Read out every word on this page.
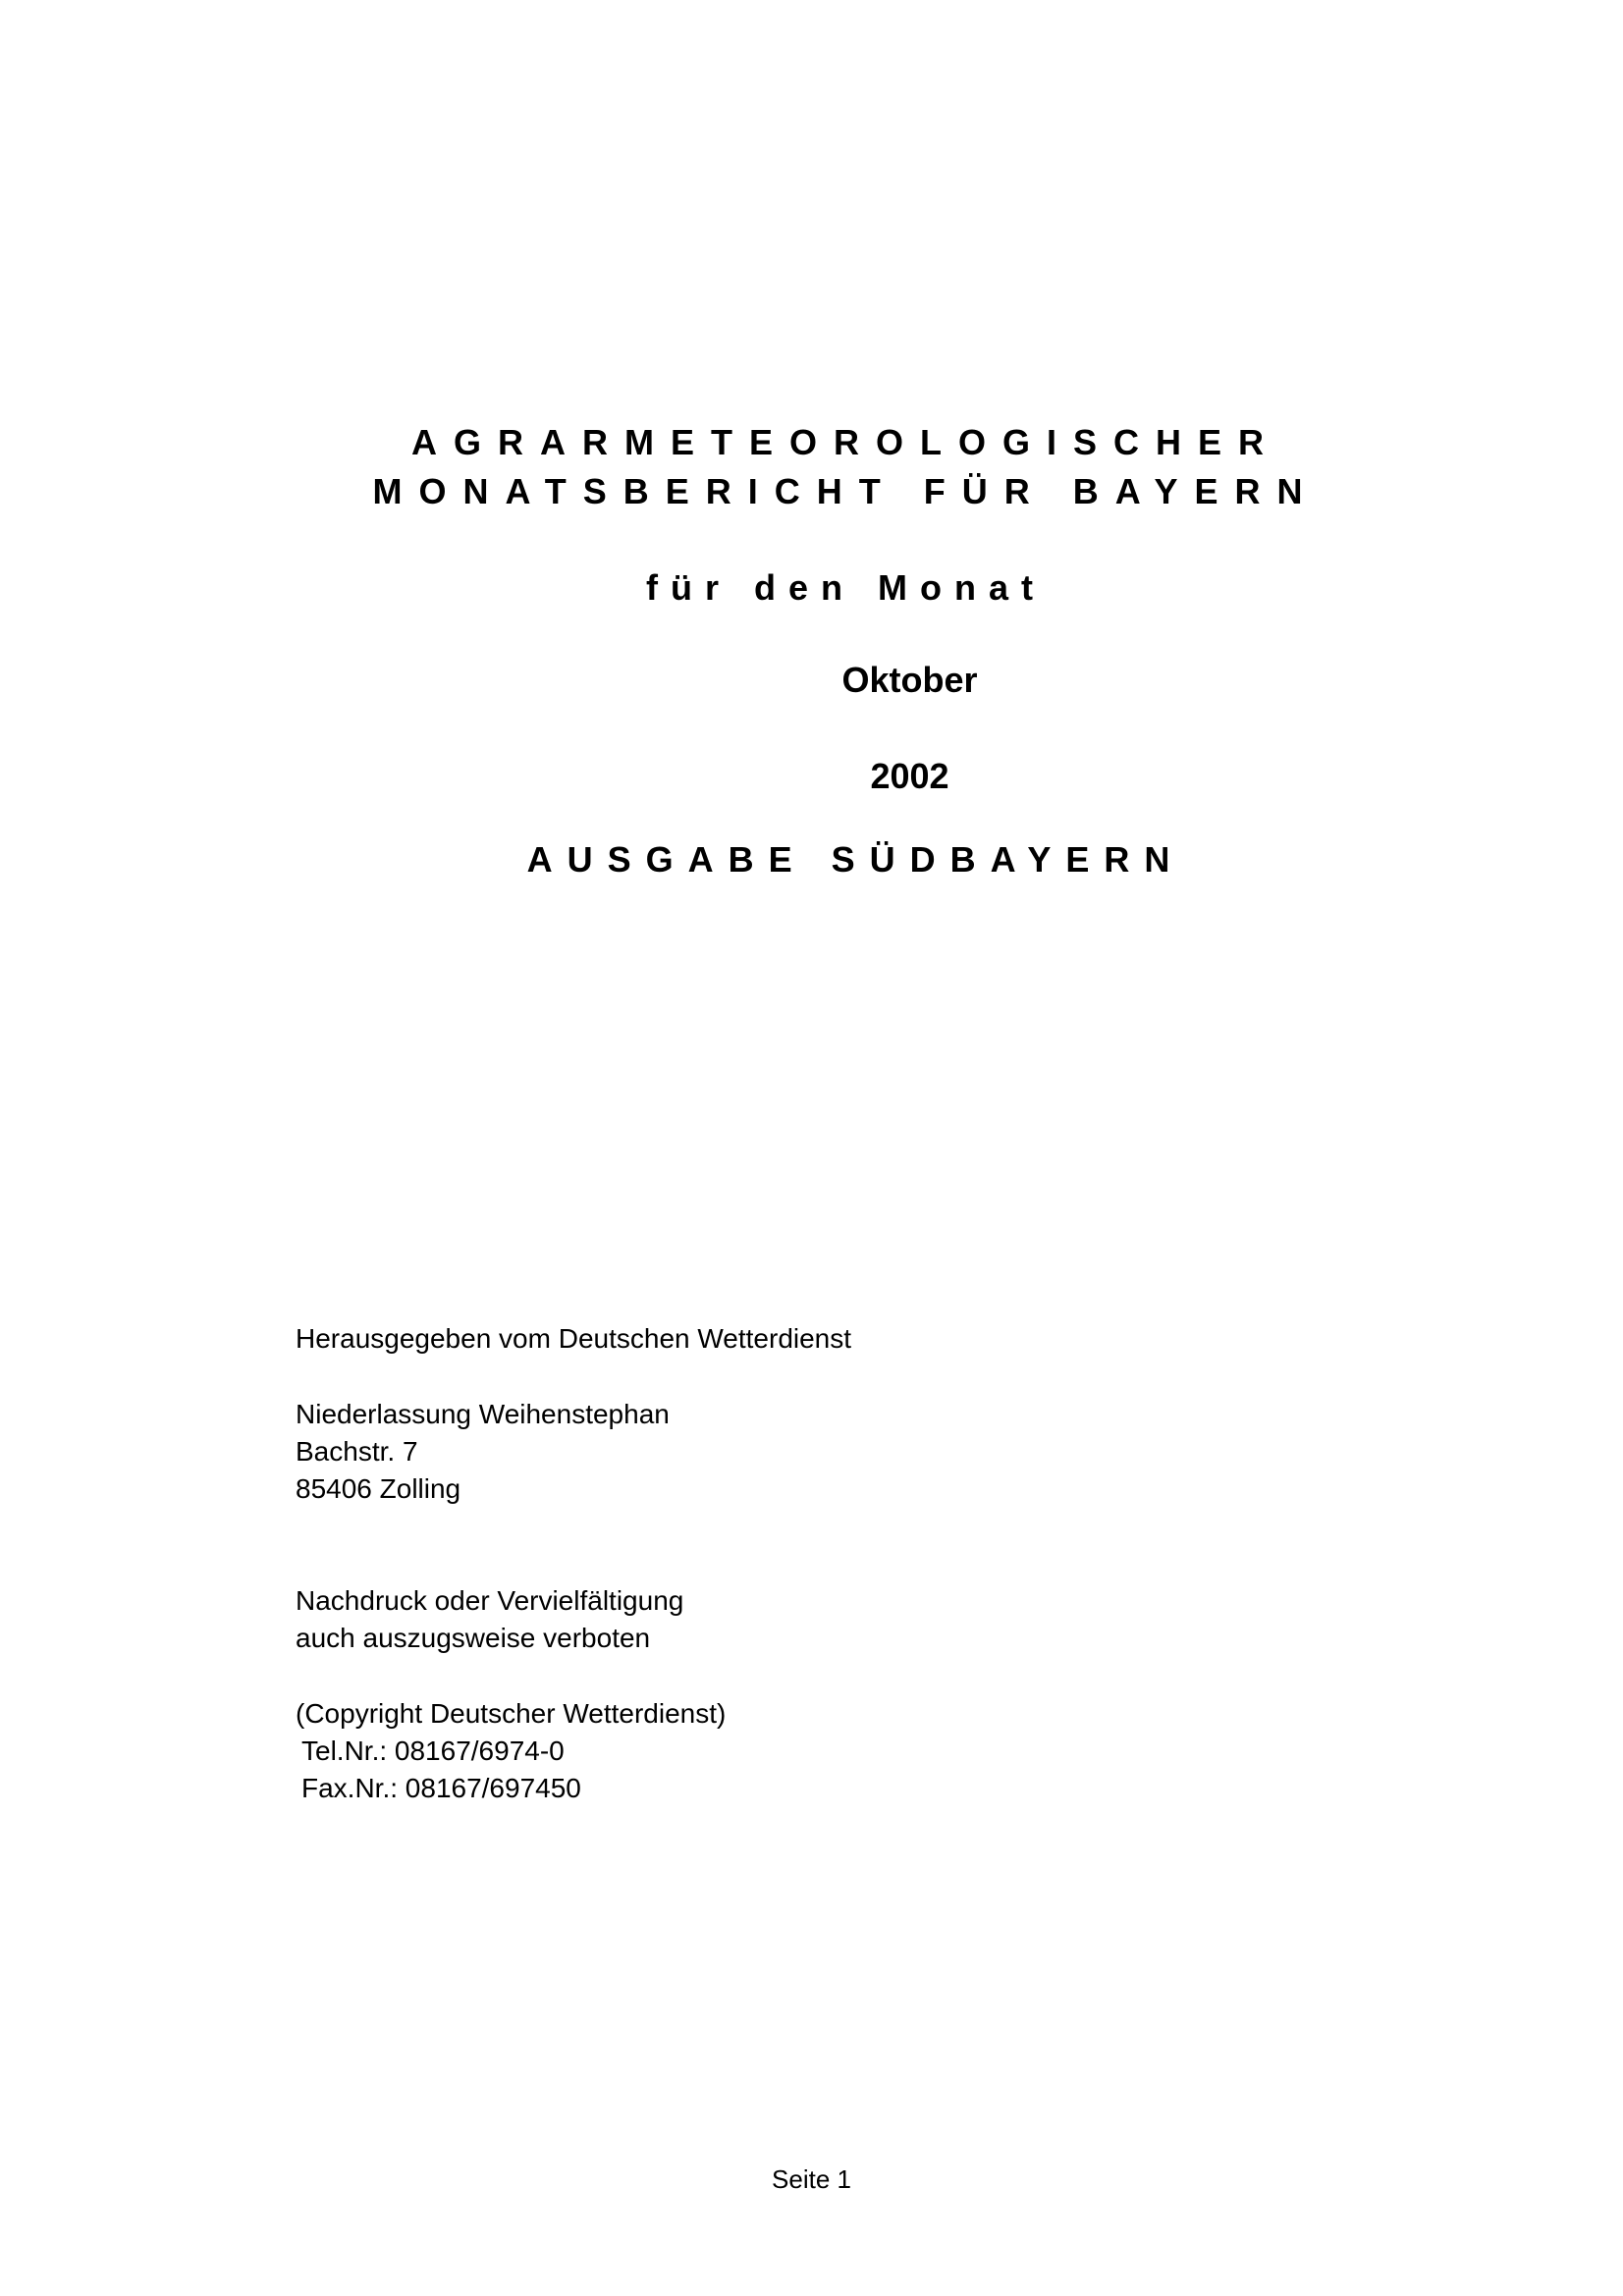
AGRARMETEOROLOGISCHER
MONATSBERICHT FÜR BAYERN
für den Monat
Oktober
2002
AUSGABE SÜDBAYERN
Herausgegeben vom Deutschen Wetterdienst
Niederlassung Weihenstephan
Bachstr. 7
85406 Zolling
Nachdruck oder Vervielfältigung
auch auszugsweise verboten
(Copyright Deutscher Wetterdienst)
Tel.Nr.: 08167/6974-0
Fax.Nr.: 08167/697450
Seite 1
